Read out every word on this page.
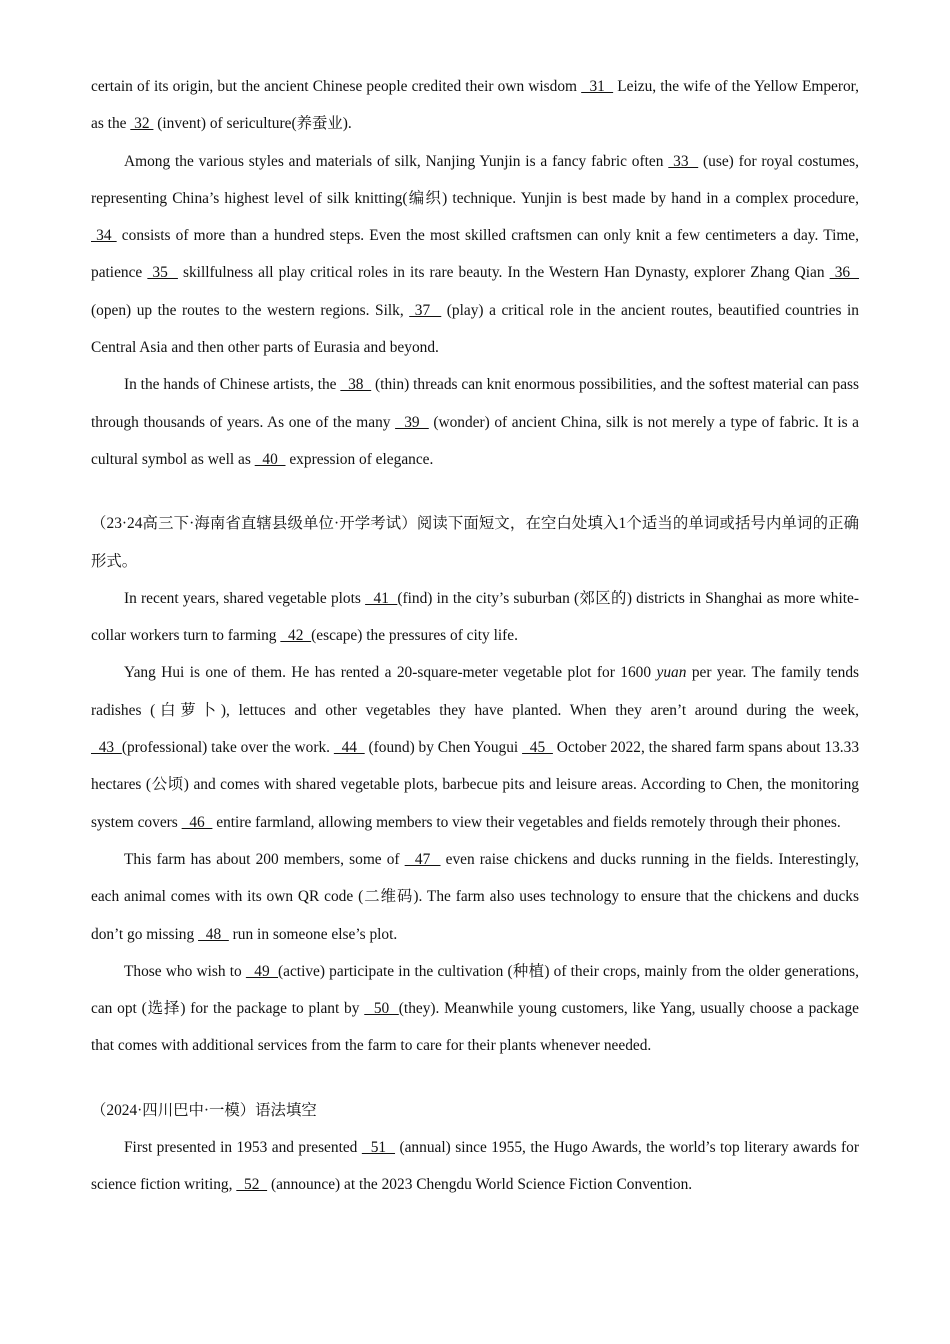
certain of its origin, but the ancient Chinese people credited their own wisdom   31   Leizu, the wife of the Yellow Emperor, as the  32  (invent) of sericulture(养蚕业).

Among the various styles and materials of silk, Nanjing Yunjin is a fancy fabric often  33   (use) for royal costumes, representing China’s highest level of silk knitting(编织) technique. Yunjin is best made by hand in a complex procedure,  34  consists of more than a hundred steps. Even the most skilled craftsmen can only knit a few centimeters a day. Time, patience  35   skillfulness all play critical roles in its rare beauty. In the Western Han Dynasty, explorer Zhang Qian  36   (open) up the routes to the western regions. Silk,  37   (play) a critical role in the ancient routes, beautified countries in Central Asia and then other parts of Eurasia and beyond.

In the hands of Chinese artists, the   38   (thin) threads can knit enormous possibilities, and the softest material can pass through thousands of years. As one of the many   39   (wonder) of ancient China, silk is not merely a type of fabric. It is a cultural symbol as well as   40   expression of elegance.

（23·24高三下·海南省直辖县级单位·开学考试）阅读下面短文，在空白处填入1个适当的单词或括号内单词的正确形式。

In recent years, shared vegetable plots   41  (find) in the city’s suburban (郊区的) districts in Shanghai as more white-collar workers turn to farming   42  (escape) the pressures of city life.

Yang Hui is one of them. He has rented a 20-square-meter vegetable plot for 1600 yuan per year. The family tends radishes (白萝卜), lettuces and other vegetables they have planted. When they aren’t around during the week,   43  (professional) take over the work.   44   (found) by Chen Yougui   45   October 2022, the shared farm spans about 13.33 hectares (公顷) and comes with shared vegetable plots, barbecue pits and leisure areas. According to Chen, the monitoring system covers   46   entire farmland, allowing members to view their vegetables and fields remotely through their phones.

This farm has about 200 members, some of   47   even raise chickens and ducks running in the fields. Interestingly, each animal comes with its own QR code (二维码). The farm also uses technology to ensure that the chickens and ducks don’t go missing   48   run in someone else’s plot.

Those who wish to   49  (active) participate in the cultivation (种植) of their crops, mainly from the older generations, can opt (选择) for the package to plant by   50  (they). Meanwhile young customers, like Yang, usually choose a package that comes with additional services from the farm to care for their plants whenever needed.

（2024·四川巴中·一模）语法填空

First presented in 1953 and presented   51   (annual) since 1955, the Hugo Awards, the world’s top literary awards for science fiction writing,   52   (announce) at the 2023 Chengdu World Science Fiction Convention.
